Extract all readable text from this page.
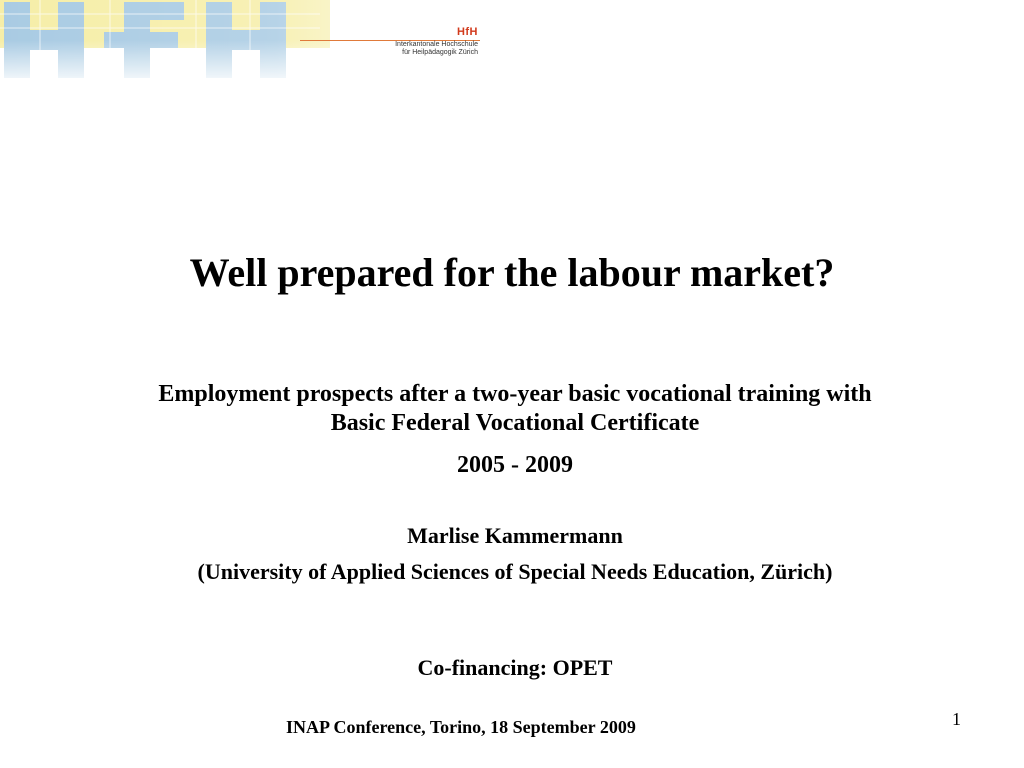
HfH
Interkantonale Hochschule
für Heilpädagogik Zürich
Well prepared for the labour market?
Employment prospects after a two-year basic vocational training with Basic Federal Vocational Certificate
2005 - 2009
Marlise Kammermann
(University of Applied Sciences of Special Needs Education, Zürich)
Co-financing: OPET
INAP Conference, Torino, 18 September 2009	1
